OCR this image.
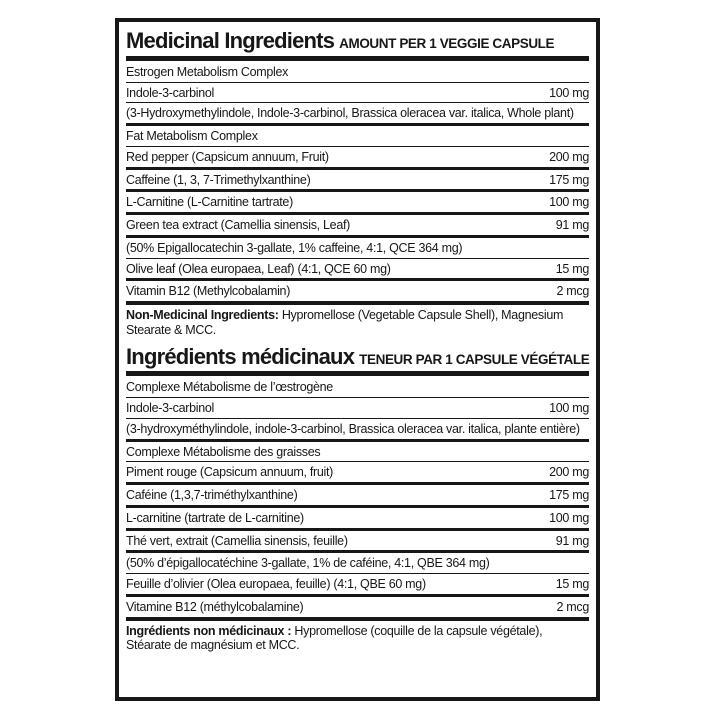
Medicinal Ingredients AMOUNT PER 1 VEGGIE CAPSULE
Estrogen Metabolism Complex
Indole-3-carbinol	100 mg
(3-Hydroxymethylindole, Indole-3-carbinol, Brassica oleracea var. italica, Whole plant)
Fat Metabolism Complex
Red pepper (Capsicum annuum, Fruit)	200 mg
Caffeine (1, 3, 7-Trimethylxanthine)	175 mg
L-Carnitine (L-Carnitine tartrate)	100 mg
Green tea extract (Camellia sinensis, Leaf)	91 mg
(50% Epigallocatechin 3-gallate, 1% caffeine, 4:1, QCE 364 mg)
Olive leaf (Olea europaea, Leaf) (4:1, QCE 60 mg)	15 mg
Vitamin B12 (Methylcobalamin)	2 mcg
Non-Medicinal Ingredients: Hypromellose (Vegetable Capsule Shell), Magnesium Stearate & MCC.
Ingrédients médicinaux TENEUR PAR 1 CAPSULE VÉGÉTALE
Complexe Métabolisme de l’œstrogène
Indole-3-carbinol	100 mg
(3-hydroxyméthylindole, indole-3-carbinol, Brassica oleracea var. italica, plante entière)
Complexe Métabolisme des graisses
Piment rouge (Capsicum annuum, fruit)	200 mg
Caféine (1,3,7-triméthylxanthine)	175 mg
L-carnitine (tartrate de L-carnitine)	100 mg
Thé vert, extrait (Camellia sinensis, feuille)	91 mg
(50% d’épigallocatéchine 3-gallate, 1% de caféine, 4:1, QBE 364 mg)
Feuille d’olivier (Olea europaea, feuille) (4:1, QBE 60 mg)	15 mg
Vitamine B12 (méthylcobalamine)	2 mcg
Ingrédients non médicinaux : Hypromellose (coquille de la capsule végétale), Stéarate de magnésium et MCC.
